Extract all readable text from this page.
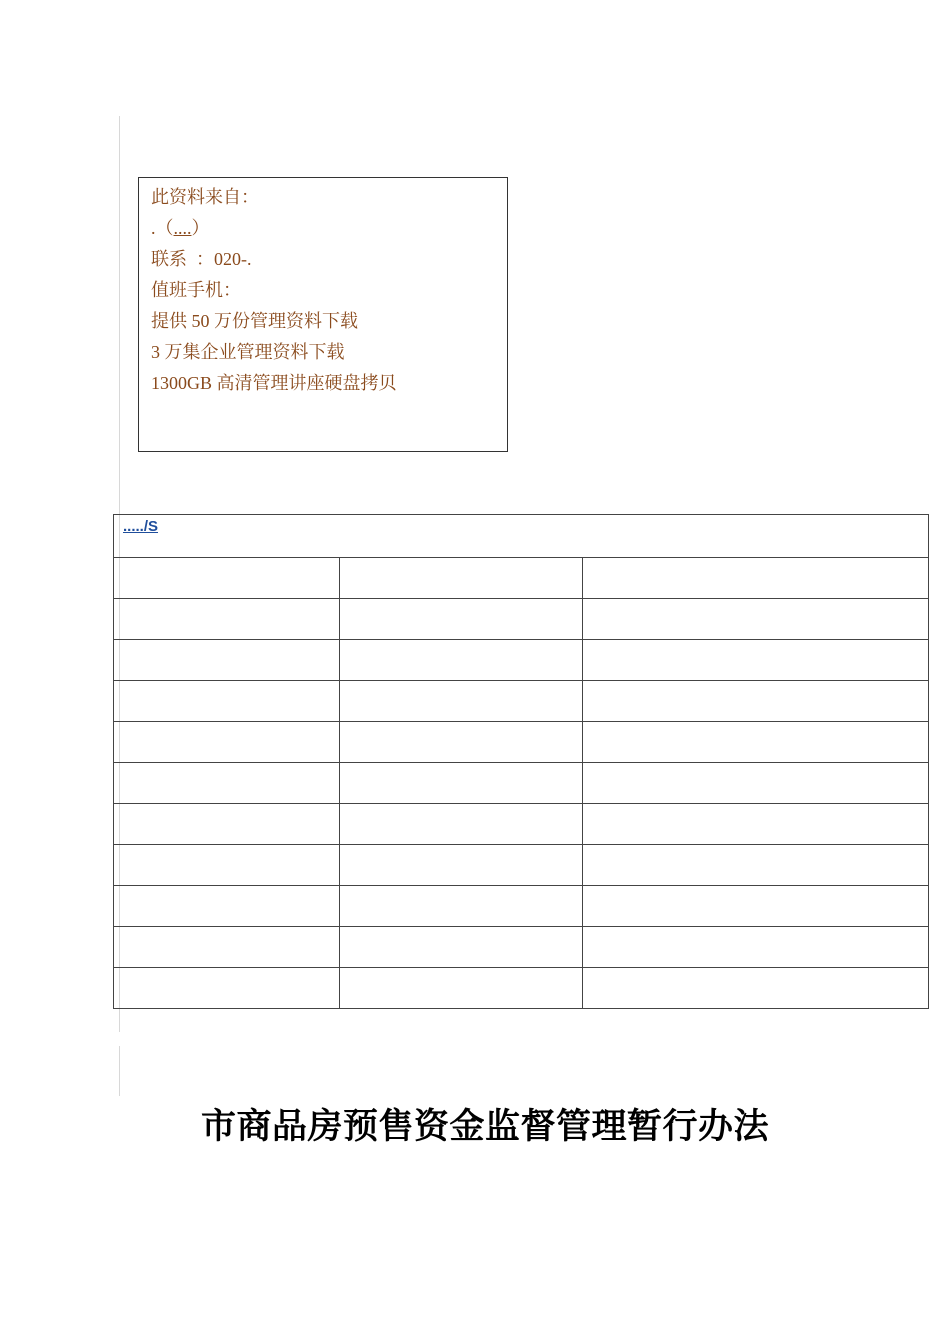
此资料来自：
.（....）
联系  ：020-.
值班手机：
提供 50 万份管理资料下载
3 万集企业管理资料下载
1300GB 高清管理讲座硬盘拷贝
...../S		

市商品房预售资金监督管理暂行办法
